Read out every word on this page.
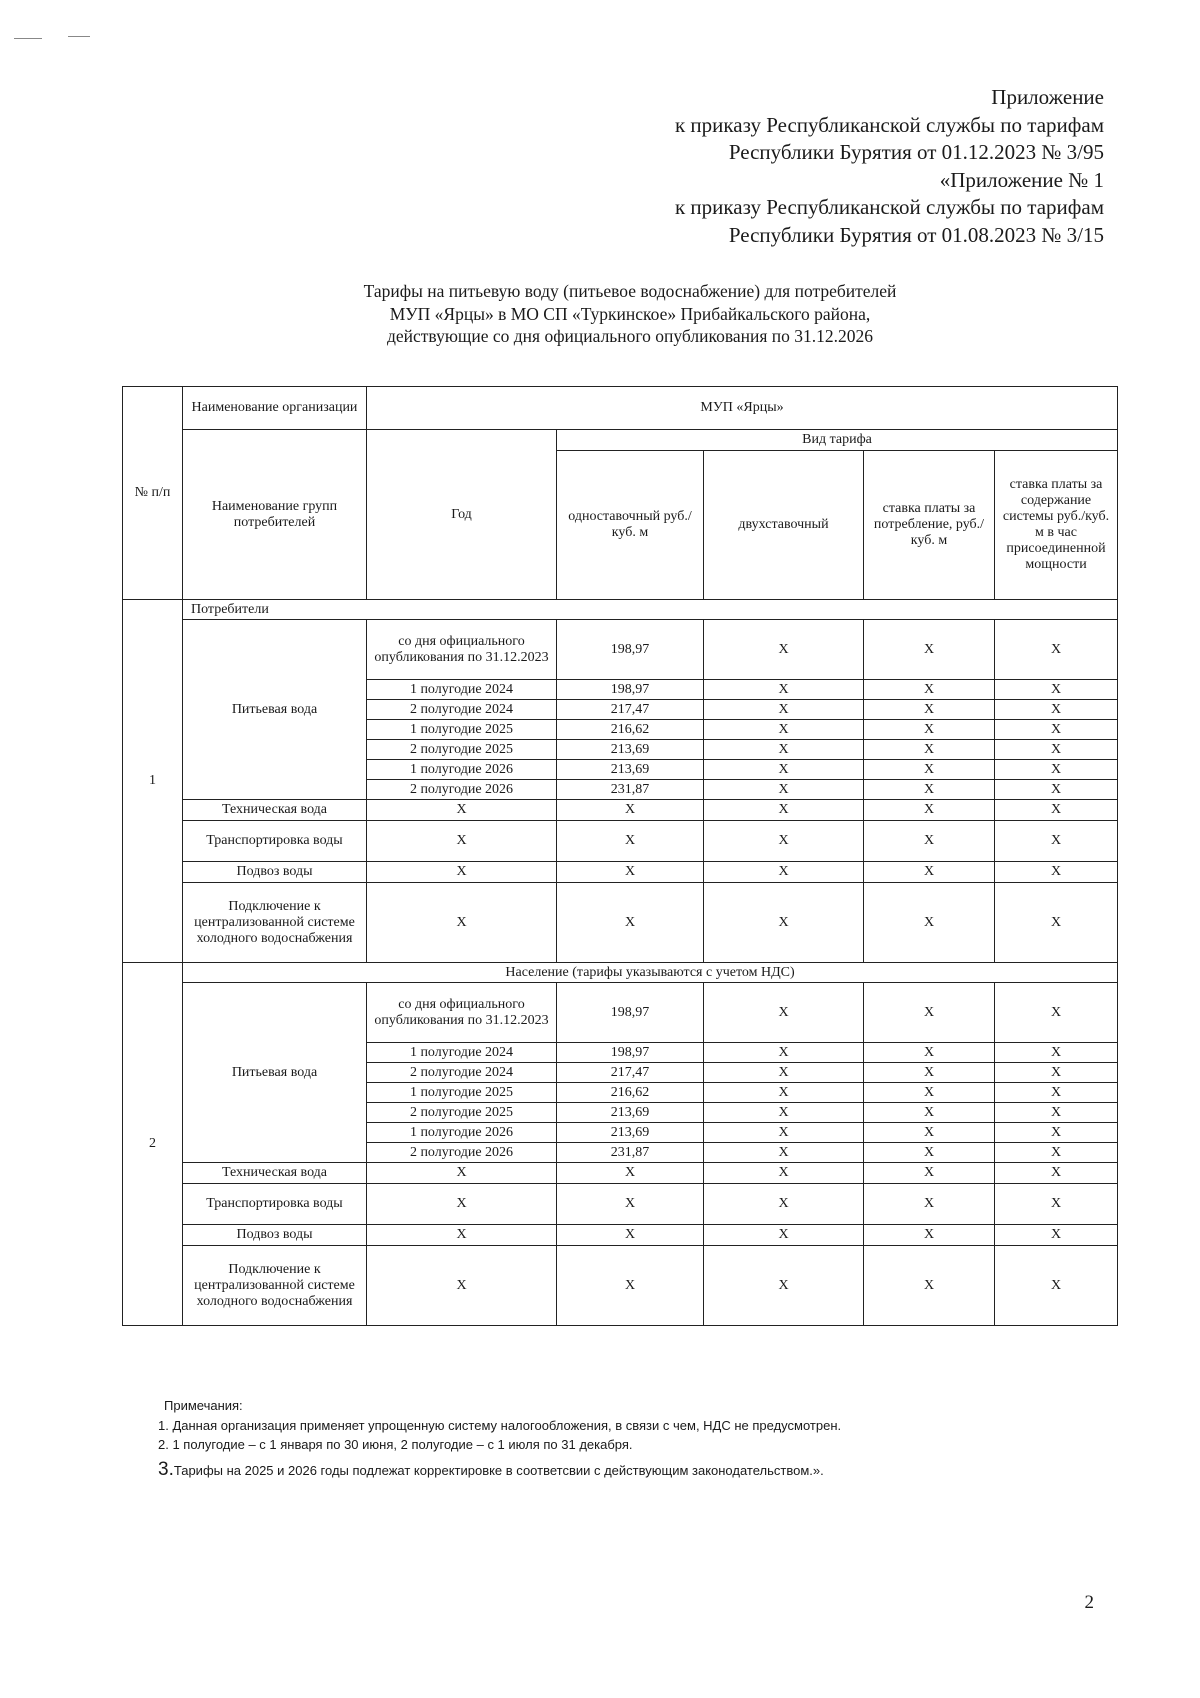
Приложение
к приказу Республиканской службы по тарифам
Республики Бурятия от 01.12.2023 № 3/95
«Приложение № 1
к приказу Республиканской службы по тарифам
Республики Бурятия от 01.08.2023 № 3/15
Тарифы на питьевую воду (питьевое водоснабжение) для потребителей
МУП «Ярцы» в МО СП «Туркинское» Прибайкальского района,
действующие со дня официального опубликования по 31.12.2026
№ п/п	Наименование организации	МУП «Ярцы»				
	Наименование групп потребителей	Год	Вид тарифа			
			одноставочный руб./ куб. м	двухставочный	ставка платы за потребление, руб./ куб. м	ставка платы за содержание системы руб./куб. м в час присоединенной мощности
1	Потребители					
	Питьевая вода	со дня официального опубликования по 31.12.2023	198,97	X	X	X
		1 полугодие 2024	198,97	X	X	X
		2 полугодие 2024	217,47	X	X	X
		1 полугодие 2025	216,62	X	X	X
		2 полугодие 2025	213,69	X	X	X
		1 полугодие 2026	213,69	X	X	X
		2 полугодие 2026	231,87	X	X	X
	Техническая вода	X	X	X	X	X
	Транспортировка воды	X	X	X	X	X
	Подвоз воды	X	X	X	X	X
	Подключение к централизованной системе холодного водоснабжения	X	X	X	X	X
2	Население (тарифы указываются с учетом НДС)					
	Питьевая вода	со дня официального опубликования по 31.12.2023	198,97	X	X	X
		1 полугодие 2024	198,97	X	X	X
		2 полугодие 2024	217,47	X	X	X
		1 полугодие 2025	216,62	X	X	X
		2 полугодие 2025	213,69	X	X	X
		1 полугодие 2026	213,69	X	X	X
		2 полугодие 2026	231,87	X	X	X
	Техническая вода	X	X	X	X	X
	Транспортировка воды	X	X	X	X	X
	Подвоз воды	X	X	X	X	X
	Подключение к централизованной системе холодного водоснабжения	X	X	X	X	X
Примечания:
1. Данная организация применяет упрощенную систему налогообложения, в связи с чем, НДС не предусмотрен.
2. 1 полугодие – с 1 января по 30 июня, 2 полугодие – с 1 июля по 31 декабря.
3.Тарифы на 2025 и 2026 годы подлежат корректировке в соответсвии с действующим законодательством.».
2
